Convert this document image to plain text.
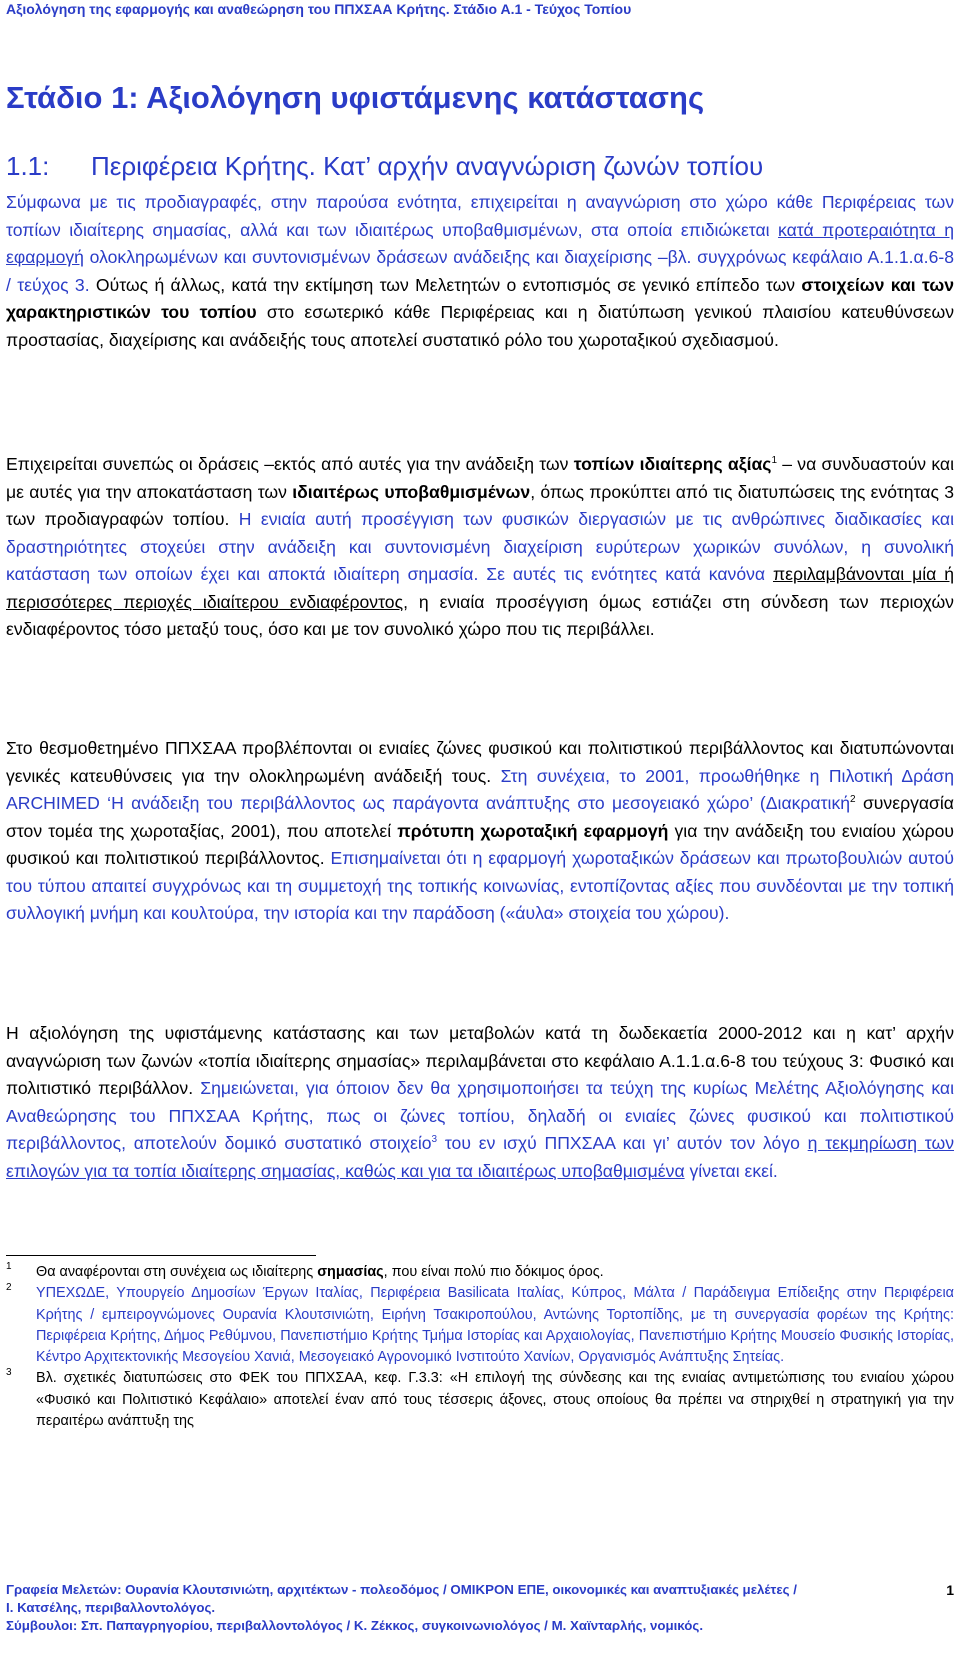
Αξιολόγηση της εφαρμογής και αναθεώρηση του ΠΠΧΣΑΑ Κρήτης. Στάδιο Α.1 - Τεύχος Τοπίου
Στάδιο 1: Αξιολόγηση υφιστάμενης κατάστασης
1.1: Περιφέρεια Κρήτης. Κατ’ αρχήν αναγνώριση ζωνών τοπίου
Σύμφωνα με τις προδιαγραφές, στην παρούσα ενότητα, επιχειρείται η αναγνώριση στο χώρο κάθε Περιφέρειας των τοπίων ιδιαίτερης σημασίας, αλλά και των ιδιαιτέρως υποβαθμισμένων, στα οποία επιδιώκεται κατά προτεραιότητα η εφαρμογή ολοκληρωμένων και συντονισμένων δράσεων ανάδειξης και διαχείρισης –βλ. συγχρόνως κεφάλαιο Α.1.1.α.6-8 / τεύχος 3. Ούτως ή άλλως, κατά την εκτίμηση των Μελετητών ο εντοπισμός σε γενικό επίπεδο των στοιχείων και των χαρακτηριστικών του τοπίου στο εσωτερικό κάθε Περιφέρειας και η διατύπωση γενικού πλαισίου κατευθύνσεων προστασίας, διαχείρισης και ανάδειξής τους αποτελεί συστατικό ρόλο του χωροταξικού σχεδιασμού.
Επιχειρείται συνεπώς οι δράσεις –εκτός από αυτές για την ανάδειξη των τοπίων ιδιαίτερης αξίας$^1$ – να συνδυαστούν και με αυτές για την αποκατάσταση των ιδιαιτέρως υποβαθμισμένων, όπως προκύπτει από τις διατυπώσεις της ενότητας 3 των προδιαγραφών τοπίου. Η ενιαία αυτή προσέγγιση των φυσικών διεργασιών με τις ανθρώπινες διαδικασίες και δραστηριότητες στοχεύει στην ανάδειξη και συντονισμένη διαχείριση ευρύτερων χωρικών συνόλων, η συνολική κατάσταση των οποίων έχει και αποκτά ιδιαίτερη σημασία. Σε αυτές τις ενότητες κατά κανόνα περιλαμβάνονται μία ή περισσότερες περιοχές ιδιαίτερου ενδιαφέροντος, η ενιαία προσέγγιση όμως εστιάζει στη σύνδεση των περιοχών ενδιαφέροντος τόσο μεταξύ τους, όσο και με τον συνολικό χώρο που τις περιβάλλει.
Στο θεσμοθετημένο ΠΠΧΣΑΑ προβλέπονται οι ενιαίες ζώνες φυσικού και πολιτιστικού περιβάλλοντος και διατυπώνονται γενικές κατευθύνσεις για την ολοκληρωμένη ανάδειξή τους. Στη συνέχεια, το 2001, προωθήθηκε η Πιλοτική Δράση ARCHIMED ‘Η ανάδειξη του περιβάλλοντος ως παράγοντα ανάπτυξης στο μεσογειακό χώρο’ (Διακρατική$^2$ συνεργασία στον τομέα της χωροταξίας, 2001), που αποτελεί πρότυπη χωροταξική εφαρμογή για την ανάδειξη του ενιαίου χώρου φυσικού και πολιτιστικού περιβάλλοντος. Επισημαίνεται ότι η εφαρμογή χωροταξικών δράσεων και πρωτοβουλιών αυτού του τύπου απαιτεί συγχρόνως και τη συμμετοχή της τοπικής κοινωνίας, εντοπίζοντας αξίες που συνδέονται με την τοπική συλλογική μνήμη και κουλτούρα, την ιστορία και την παράδοση («άυλα» στοιχεία του χώρου).
Η αξιολόγηση της υφιστάμενης κατάστασης και των μεταβολών κατά τη δωδεκαετία 2000-2012 και η κατ’ αρχήν αναγνώριση των ζωνών «τοπία ιδιαίτερης σημασίας» περιλαμβάνεται στο κεφάλαιο Α.1.1.α.6-8 του τεύχους 3: Φυσικό και πολιτιστικό περιβάλλον. Σημειώνεται, για όποιον δεν θα χρησιμοποιήσει τα τεύχη της κυρίως Μελέτης Αξιολόγησης και Αναθεώρησης του ΠΠΧΣΑΑ Κρήτης, πως οι ζώνες τοπίου, δηλαδή οι ενιαίες ζώνες φυσικού και πολιτιστικού περιβάλλοντος, αποτελούν δομικό συστατικό στοιχείο$^3$ του εν ισχύ ΠΠΧΣΑΑ και γι’ αυτόν τον λόγο η τεκμηρίωση των επιλογών για τα τοπία ιδιαίτερης σημασίας, καθώς και για τα ιδιαιτέρως υποβαθμισμένα γίνεται εκεί.
1 Θα αναφέρονται στη συνέχεια ως ιδιαίτερης σημασίας, που είναι πολύ πιο δόκιμος όρος.
2 ΥΠΕΧΩΔΕ, Υπουργείο Δημοσίων Έργων Ιταλίας, Περιφέρεια Basilicata Ιταλίας, Κύπρος, Μάλτα / Παράδειγμα Επίδειξης στην Περιφέρεια Κρήτης / εμπειρογνώμονες Ουρανία Κλουτσινιώτη, Ειρήνη Τσακιροπούλου, Αντώνης Τορτοπίδης, με τη συνεργασία φορέων της Κρήτης: Περιφέρεια Κρήτης, Δήμος Ρεθύμνου, Πανεπιστήμιο Κρήτης Τμήμα Ιστορίας και Αρχαιολογίας, Πανεπιστήμιο Κρήτης Μουσείο Φυσικής Ιστορίας, Κέντρο Αρχιτεκτονικής Μεσογείου Χανιά, Μεσογειακό Αγρονομικό Ινστιτούτο Χανίων, Οργανισμός Ανάπτυξης Σητείας.
3 Βλ. σχετικές διατυπώσεις στο ΦΕΚ του ΠΠΧΣΑΑ, κεφ. Γ.3.3: «Η επιλογή της σύνδεσης και της ενιαίας αντιμετώπισης του ενιαίου χώρου «Φυσικό και Πολιτιστικό Κεφάλαιο» αποτελεί έναν από τους τέσσερις άξονες, στους οποίους θα πρέπει να στηριχθεί η στρατηγική για την περαιτέρω ανάπτυξη της
Γραφεία Μελετών: Ουρανία Κλουτσινιώτη, αρχιτέκτων - πολεοδόμος / ΟΜΙΚΡΟΝ ΕΠΕ, οικονομικές και αναπτυξιακές μελέτες /	1
Ι. Κατσέλης, περιβαλλοντολόγος.
Σύμβουλοι: Σπ. Παπαγρηγορίου, περιβαλλοντολόγος / Κ. Ζέκκος, συγκοινωνιολόγος / Μ. Χαϊνταρλής, νομικός.
